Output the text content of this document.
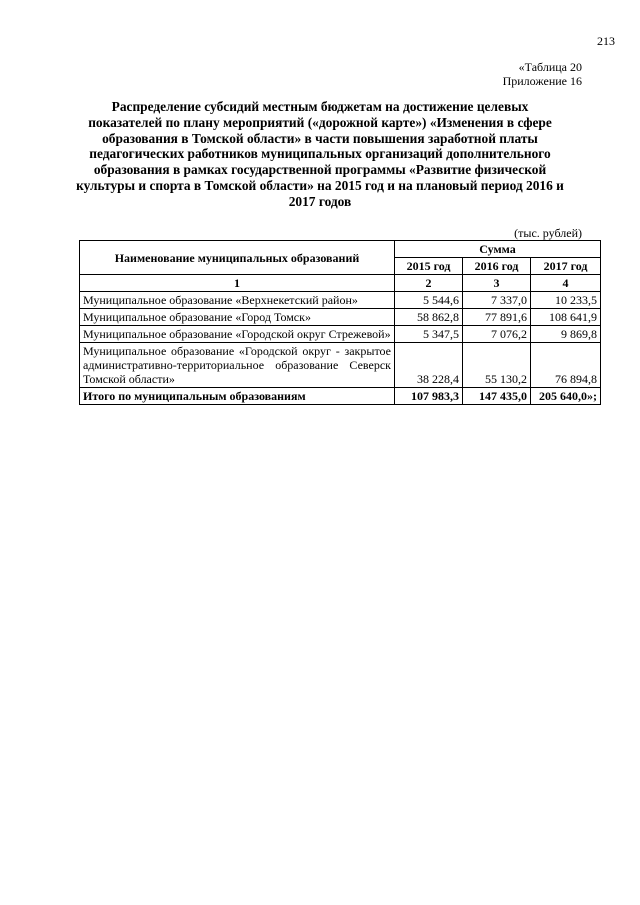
213
«Таблица 20
Приложение 16
Распределение субсидий местным бюджетам на достижение целевых показателей по плану мероприятий («дорожной карте») «Изменения в сфере образования в Томской области» в части повышения заработной платы педагогических работников муниципальных организаций дополнительного образования в рамках государственной программы «Развитие физической культуры и спорта в Томской области» на 2015 год и на плановый период 2016 и 2017 годов
(тыс. рублей)
Наименование муниципальных образований	Сумма		
	2015 год	2016 год	2017 год
1	2	3	4
Муниципальное образование «Верхнекетский район»	5 544,6	7 337,0	10 233,5
Муниципальное образование «Город Томск»	58 862,8	77 891,6	108 641,9
Муниципальное образование «Городской округ Стрежевой»	5 347,5	7 076,2	9 869,8
Муниципальное образование «Городской округ - закрытое административно-территориальное образование Северск Томской области»	38 228,4	55 130,2	76 894,8
Итого по муниципальным образованиям	107 983,3	147 435,0	205 640,0»;
